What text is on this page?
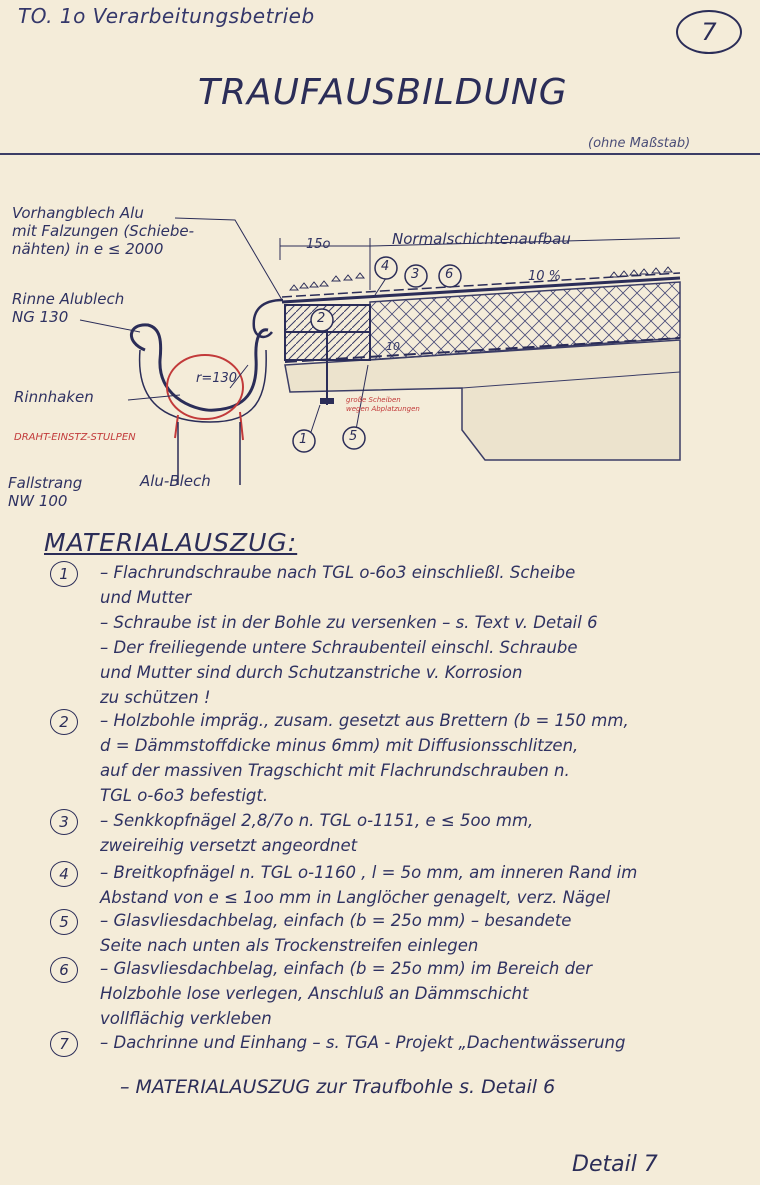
TO. 1o Verarbeitungsbetrieb
7
TRAUFAUSBILDUNG
(ohne Maßstab)
Vorhangblech Alu
mit Falzungen (Schiebe-
nähten) in e ≤ 2000
Rinne Alublech
NG 130
Rinnhaken
DRAHT-EINSTZ-STULPEN
Fallstrang
NW 100
Alu-Blech
15o	Normalschichtenaufbau
10 %
r=130
10
große Scheiben
wegen Abplatzungen
1
2
3
4
5
6
MATERIALAUSZUG:
– Flachrundschraube nach TGL o-6o3 einschließl. Scheibe
und Mutter
– Schraube ist in der Bohle zu versenken – s. Text v. Detail 6
– Der freiliegende untere Schraubenteil einschl. Schraube
und Mutter sind durch Schutzanstriche v. Korrosion
zu schützen !
– Holzbohle impräg., zusam. gesetzt aus Brettern (b = 150 mm,
d = Dämmstoffdicke minus 6mm) mit Diffusionsschlitzen,
auf der massiven Tragschicht mit Flachrundschrauben n.
TGL o-6o3 befestigt.
– Senkkopfnägel 2,8/7o n. TGL o-1151, e ≤ 5oo mm,
zweireihig versetzt angeordnet
– Breitkopfnägel n. TGL o-1160 , l = 5o mm, am inneren Rand im
Abstand von e ≤ 1oo mm in Langlöcher genagelt, verz. Nägel
– Glasvliesdachbelag, einfach (b = 25o mm) – besandete
Seite nach unten als Trockenstreifen einlegen
– Glasvliesdachbelag, einfach (b = 25o mm) im Bereich der
Holzbohle lose verlegen, Anschluß an Dämmschicht
vollflächig verkleben
– Dachrinne und Einhang – s. TGA - Projekt „Dachentwässerung
– MATERIALAUSZUG zur Traufbohle s. Detail 6
Detail 7
1
2
3
4
5
6
7
